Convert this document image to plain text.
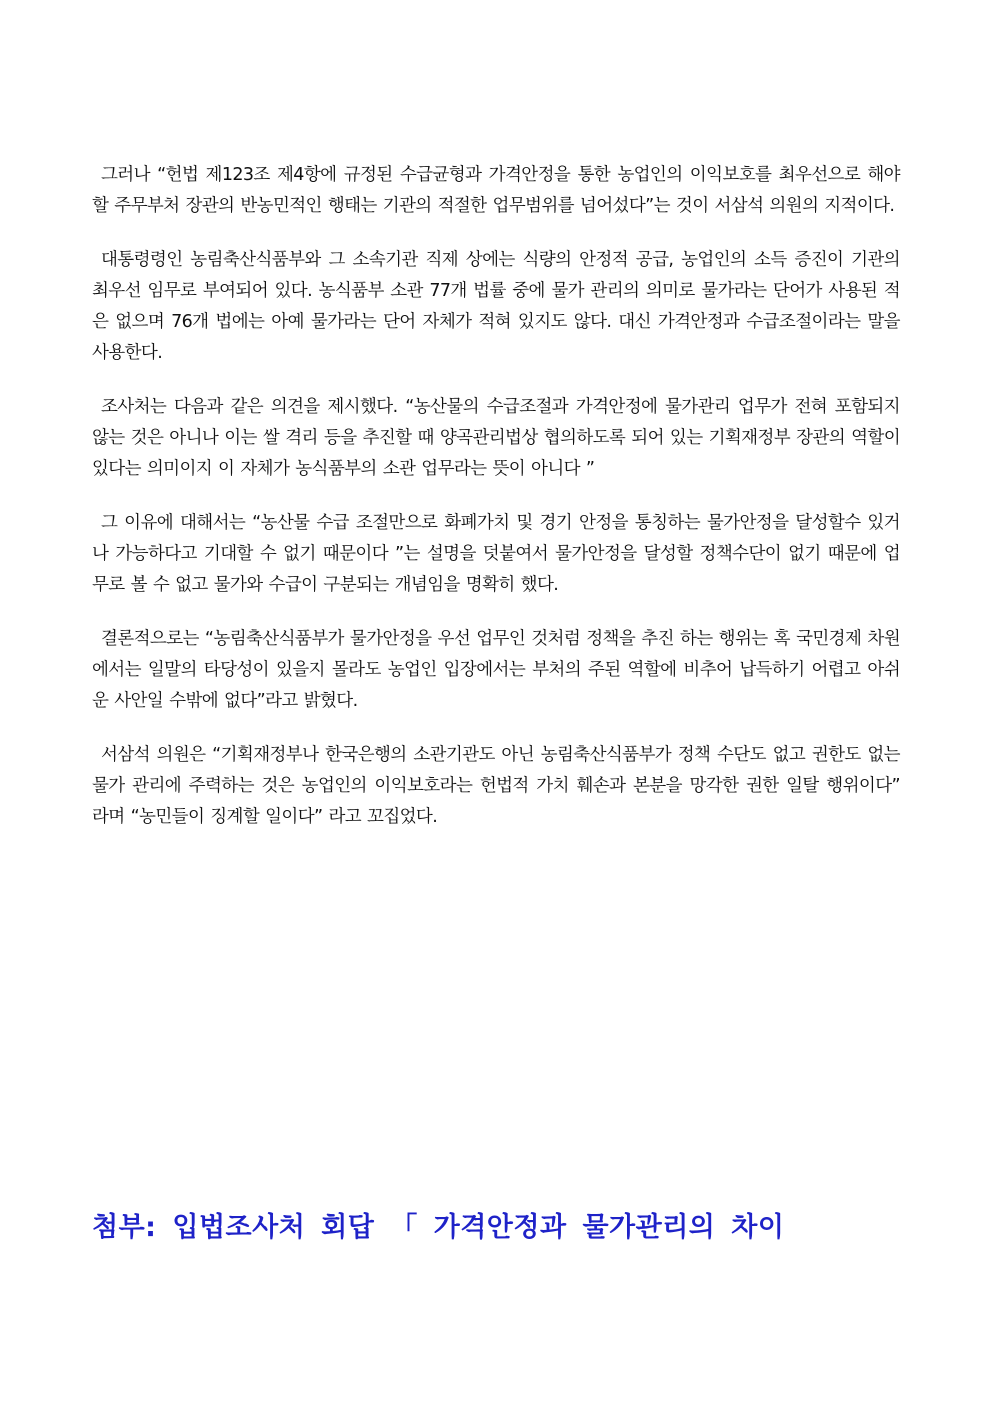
그러나 “헌법 제123조 제4항에 규정된 수급균형과 가격안정을 통한 농업인의 이익보호를 최우선으로 해야 할 주무부처 장관의 반농민적인 행태는 기관의 적절한 업무범위를 넘어섰다”는 것이 서삼석 의원의 지적이다.

대통령령인 농림축산식품부와 그 소속기관 직제 상에는 식량의 안정적 공급, 농업인의 소득 증진이 기관의 최우선 임무로 부여되어 있다. 농식품부 소관 77개 법률 중에 물가 관리의 의미로 물가라는 단어가 사용된 적은 없으며 76개 법에는 아예 물가라는 단어 자체가 적혀 있지도 않다. 대신 가격안정과 수급조절이라는 말을 사용한다.

조사처는 다음과 같은 의견을 제시했다. “농산물의 수급조절과 가격안정에 물가관리 업무가 전혀 포함되지 않는 것은 아니나 이는 쌀 격리 등을 추진할 때 양곡관리법상 협의하도록 되어 있는 기획재정부 장관의 역할이 있다는 의미이지 이 자체가 농식품부의 소관 업무라는 뜻이 아니다 ”

그 이유에 대해서는 “농산물 수급 조절만으로 화폐가치 및 경기 안정을 통칭하는 물가안정을 달성할수 있거나 가능하다고 기대할 수 없기 때문이다 ”는 설명을 덧붙여서 물가안정을 달성할 정책수단이 없기 때문에 업무로 볼 수 없고 물가와 수급이 구분되는 개념임을 명확히 했다.

결론적으로는 “농림축산식품부가 물가안정을 우선 업무인 것처럼 정책을 추진 하는 행위는 혹 국민경제 차원에서는 일말의 타당성이 있을지 몰라도 농업인 입장에서는 부처의 주된 역할에 비추어 납득하기 어렵고 아쉬운 사안일 수밖에 없다”라고 밝혔다.

서삼석 의원은 “기획재정부나 한국은행의 소관기관도 아닌 농림축산식품부가 정책 수단도 없고 권한도 없는 물가 관리에 주력하는 것은 농업인의 이익보호라는 헌법적 가치 훼손과 본분을 망각한 권한 일탈 행위이다” 라며 “농민들이 징계할 일이다” 라고 꼬집었다.

첨부: 입법조사처 회답 「 가격안정과 물가관리의 차이
